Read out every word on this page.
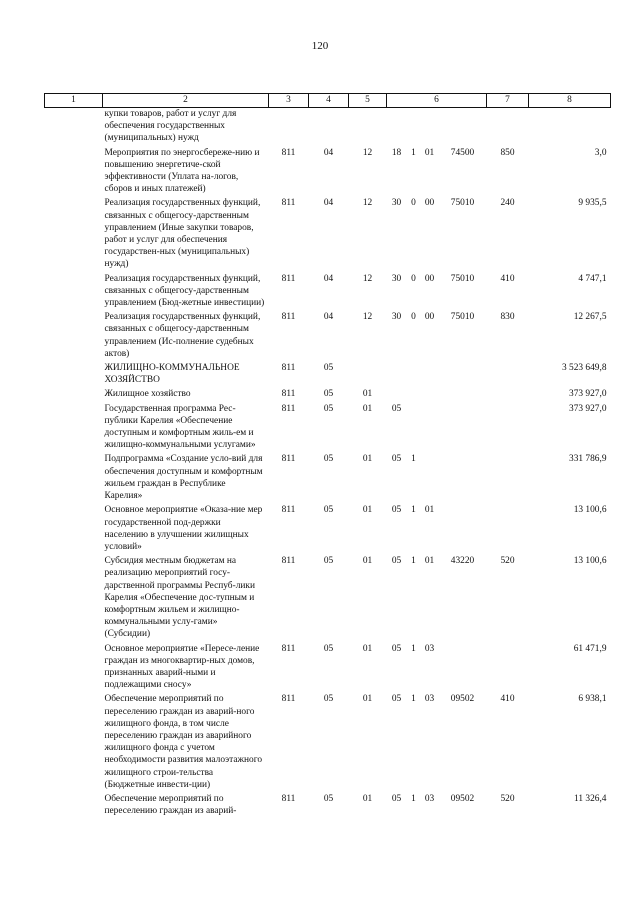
120
1	2	3	4	5	6				7	8
	купки товаров, работ и услуг для обеспечения государственных (муниципальных) нужд									
	Мероприятия по энергосбереже-нию и повышению энергетиче-ской эффективности (Уплата на-логов, сборов и иных платежей)	811	04	12	18	1	01	74500	850	3,0
	Реализация государственных функций, связанных с общегосу-дарственным управлением (Иные закупки товаров, работ и услуг для обеспечения государствен-ных (муниципальных) нужд)	811	04	12	30	0	00	75010	240	9 935,5
	Реализация государственных функций, связанных с общегосу-дарственным управлением (Бюд-жетные инвестиции)	811	04	12	30	0	00	75010	410	4 747,1
	Реализация государственных функций, связанных с общегосу-дарственным управлением (Ис-полнение судебных актов)	811	04	12	30	0	00	75010	830	12 267,5
	ЖИЛИЩНО-КОММУНАЛЬНОЕ ХОЗЯЙСТВО	811	05							3 523 649,8
	Жилищное хозяйство	811	05	01						373 927,0
	Государственная программа Рес-публики Карелия «Обеспечение доступным и комфортным жиль-ем и жилищно-коммунальными услугами»	811	05	01	05					373 927,0
	Подпрограмма «Создание усло-вий для обеспечения доступным и комфортным жильем граждан в Республике Карелия»	811	05	01	05	1				331 786,9
	Основное мероприятие «Оказа-ние мер государственной под-держки населению в улучшении жилищных условий»	811	05	01	05	1	01			13 100,6
	Субсидия местным бюджетам на реализацию мероприятий госу-дарственной программы Респуб-лики Карелия «Обеспечение дос-тупным и комфортным жильем и жилищно-коммунальными услу-гами» (Субсидии)	811	05	01	05	1	01	43220	520	13 100,6
	Основное мероприятие «Пересе-ление граждан из многоквартир-ных домов, признанных аварий-ными и подлежащими сносу»	811	05	01	05	1	03			61 471,9
	Обеспечение мероприятий по переселению граждан из аварий-ного жилищного фонда, в том числе переселению граждан из аварийного жилищного фонда с учетом необходимости развития малоэтажного жилищного строи-тельства (Бюджетные инвести-ции)	811	05	01	05	1	03	09502	410	6 938,1
	Обеспечение мероприятий по переселению граждан из аварий-	811	05	01	05	1	03	09502	520	11 326,4
